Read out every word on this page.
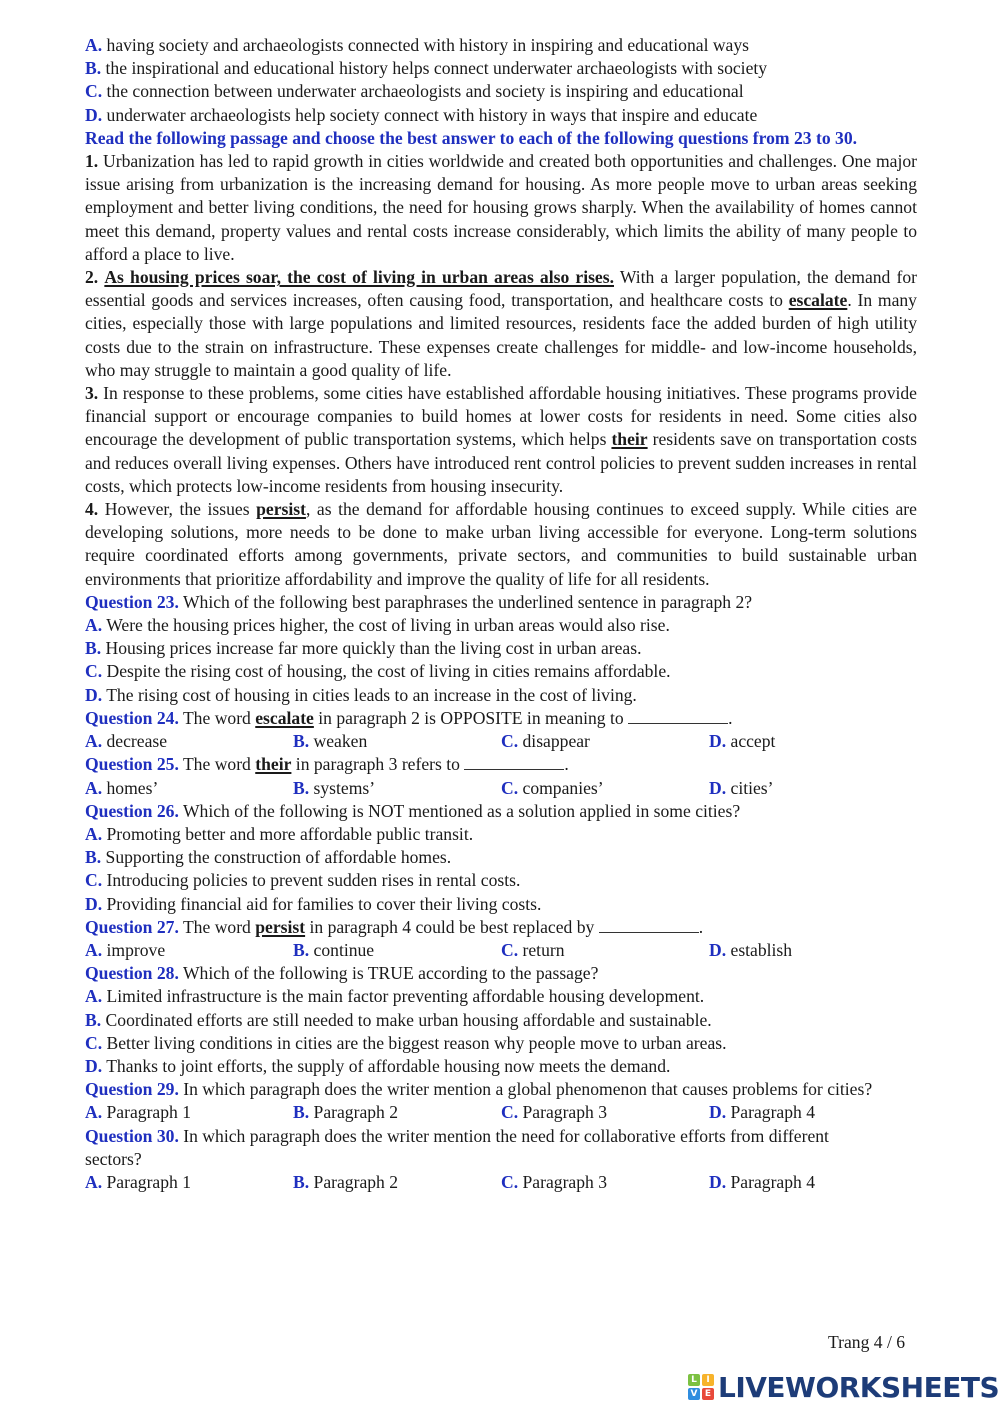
A. having society and archaeologists connected with history in inspiring and educational ways
B. the inspirational and educational history helps connect underwater archaeologists with society
C. the connection between underwater archaeologists and society is inspiring and educational
D. underwater archaeologists help society connect with history in ways that inspire and educate
Read the following passage and choose the best answer to each of the following questions from 23 to 30.
1. Urbanization has led to rapid growth in cities worldwide and created both opportunities and challenges. One major issue arising from urbanization is the increasing demand for housing. As more people move to urban areas seeking employment and better living conditions, the need for housing grows sharply. When the availability of homes cannot meet this demand, property values and rental costs increase considerably, which limits the ability of many people to afford a place to live.
2. As housing prices soar, the cost of living in urban areas also rises. With a larger population, the demand for essential goods and services increases, often causing food, transportation, and healthcare costs to escalate. In many cities, especially those with large populations and limited resources, residents face the added burden of high utility costs due to the strain on infrastructure. These expenses create challenges for middle- and low-income households, who may struggle to maintain a good quality of life.
3. In response to these problems, some cities have established affordable housing initiatives. These programs provide financial support or encourage companies to build homes at lower costs for residents in need. Some cities also encourage the development of public transportation systems, which helps their residents save on transportation costs and reduces overall living expenses. Others have introduced rent control policies to prevent sudden increases in rental costs, which protects low-income residents from housing insecurity.
4. However, the issues persist, as the demand for affordable housing continues to exceed supply. While cities are developing solutions, more needs to be done to make urban living accessible for everyone. Long-term solutions require coordinated efforts among governments, private sectors, and communities to build sustainable urban environments that prioritize affordability and improve the quality of life for all residents.
Question 23. Which of the following best paraphrases the underlined sentence in paragraph 2?
A. Were the housing prices higher, the cost of living in urban areas would also rise.
B. Housing prices increase far more quickly than the living cost in urban areas.
C. Despite the rising cost of housing, the cost of living in cities remains affordable.
D. The rising cost of housing in cities leads to an increase in the cost of living.
Question 24. The word escalate in paragraph 2 is OPPOSITE in meaning to	.
A. decrease	B. weaken	C. disappear	D. accept
Question 25. The word their in paragraph 3 refers to	.
A. homes’	B. systems’	C. companies’	D. cities’
Question 26. Which of the following is NOT mentioned as a solution applied in some cities?
A. Promoting better and more affordable public transit.
B. Supporting the construction of affordable homes.
C. Introducing policies to prevent sudden rises in rental costs.
D. Providing financial aid for families to cover their living costs.
Question 27. The word persist in paragraph 4 could be best replaced by	.
A. improve	B. continue	C. return	D. establish
Question 28. Which of the following is TRUE according to the passage?
A. Limited infrastructure is the main factor preventing affordable housing development.
B. Coordinated efforts are still needed to make urban housing affordable and sustainable.
C. Better living conditions in cities are the biggest reason why people move to urban areas.
D. Thanks to joint efforts, the supply of affordable housing now meets the demand.
Question 29. In which paragraph does the writer mention a global phenomenon that causes problems for cities?
A. Paragraph 1	B. Paragraph 2	C. Paragraph 3	D. Paragraph 4
Question 30. In which paragraph does the writer mention the need for collaborative efforts from different sectors?
A. Paragraph 1	B. Paragraph 2	C. Paragraph 3	D. Paragraph 4
Trang 4 / 6
L	I
V E LIVEWORKSHEETS
